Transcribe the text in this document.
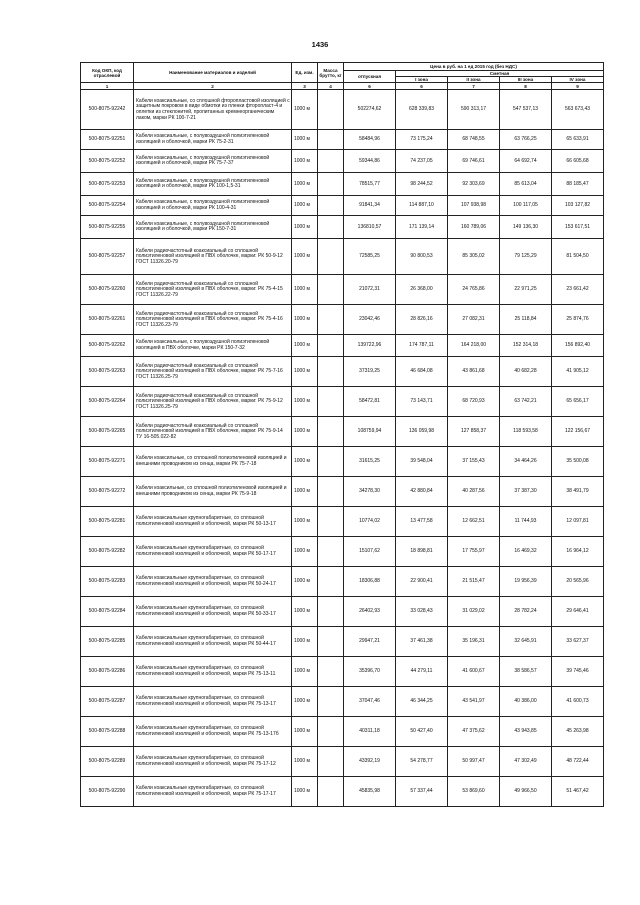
1436
Код ОКП, код отраслевой	Наименование материалов и изделий	Ед. изм.	Масса брутто, кг	Цена в руб. на 1 ед 2015 год (без НДС)				
				отпускная	Сметная			
					I зона	II зона	III зона	IV зона
1	2	3	4	6	6	7	8	9
500-8075-92242	Кабели коаксиальные, со сплошной фторопластовой изоляцией с защитным покровом в виде обмотки из пленки фторопласт-4 и оплетки из стеклонитей, пропитанных кремнеорганическим лаком, марки РК 100-7-21	1000 м		502274,62	628 339,83	590 313,17	547 537,13	563 673,43
500-8075-92251	Кабели коаксиальные, с полувоздушной полиэтиленовой изоляцией и оболочкой, марки РК 75-2-31	1000 м		58484,96	73 175,24	68 748,55	63 766,25	65 633,91
500-8075-92252	Кабели коаксиальные, с полувоздушной полиэтиленовой изоляцией и оболочкой, марки РК 75-7-37	1000 м		59344,86	74 237,05	69 746,61	64 692,74	66 605,68
500-8075-92253	Кабели коаксиальные, с полувоздушной полиэтиленовой изоляцией и оболочкой, марки РК 100-1,5-31	1000 м		78515,77	98 244,52	92 303,69	85 613,04	88 185,47
500-8075-92254	Кабели коаксиальные, с полувоздушной полиэтиленовой изоляцией и оболочкой, марки РК 100-4-31	1000 м		91841,34	114 887,10	107 938,98	100 117,05	103 127,82
500-8075-92255	Кабели коаксиальные, с полувоздушной полиэтиленовой изоляцией и оболочкой, марки РК 150-7-31	1000 м		136810,57	171 139,14	160 789,06	149 136,30	153 617,51
500-8075-92257	Кабели радиочастотный коаксиальный со сплошной полиэтиленовой изоляцией в ПВХ оболочке, марки: РК 50-9-12 ГОСТ 11326.20-79	1000 м		72585,25	90 800,53	85 305,02	79 125,29	81 504,50
500-8075-92260	Кабели радиочастотный коаксиальный со сплошной полиэтиленовой изоляцией в ПВХ оболочке, марки: РК 75-4-15 ГОСТ 11326.22-79	1000 м		21072,31	26 368,00	24 765,86	22 971,25	23 661,42
500-8075-92261	Кабели радиочастотный коаксиальный со сплошной полиэтиленовой изоляцией в ПВХ оболочке, марки: РК 75-4-16 ГОСТ 11326.23-79	1000 м		23042,46	28 826,16	27 082,31	25 118,84	25 874,76
500-8075-92262	Кабели коаксиальные, с полувоздушной полиэтиленовой изоляцией в ПВХ оболочке, марки РК 150-7-32	1000 м		139722,96	174 787,11	164 218,00	152 314,18	156 892,40
500-8075-92263	Кабели радиочастотный коаксиальный со сплошной полиэтиленовой изоляцией в ПВХ оболочке, марки: РК 75-7-16 ГОСТ 11326.25-79	1000 м		37319,25	46 684,08	43 861,68	40 682,28	41 905,12
500-8075-92264	Кабели радиочастотный коаксиальный со сплошной полиэтиленовой изоляцией в ПВХ оболочке, марки: РК 75-9-12 ГОСТ 11326.25-79	1000 м		58472,81	73 143,71	68 720,93	63 742,21	65 656,17
500-8075-92265	Кабели радиочастотный коаксиальный со сплошной полиэтиленовой изоляцией в ПВХ оболочке, марки: РК 75-9-14 ТУ 16-505.022-82	1000 м		108759,94	136 059,98	127 858,37	118 593,58	122 156,67
500-8075-92271	Кабели коаксильные, со сплошной полиэтиленовой изоляцией и внешними проводником из сенца, марки РК 75-7-18	1000 м		31615,25	39 548,04	37 155,43	34 464,26	35 500,08
500-8075-92272	Кабели коаксильные, со сплошной полиэтиленовой изоляцией и внешними проводником из сенца, марки РК 75-9-18	1000 м		34278,30	42 880,84	40 287,56	37 387,30	38 491,79
500-8075-92281	Кабели коаксиальные крупногабаритные, со сплошной полиэтиленовой изоляцией и оболочкой, марки РК 50-13-17	1000 м		10774,02	13 477,58	12 662,51	11 744,93	12 097,81
500-8075-92282	Кабели коаксиальные крупногабаритные, со сплошной полиэтиленовой изоляцией и оболочкой, марки РК 50-17-17	1000 м		15107,62	18 898,81	17 755,97	16 469,32	16 964,12
500-8075-92283	Кабели коаксиальные крупногабаритные, со сплошной полиэтиленовой изоляцией и оболочкой, марки РК 50-24-17	1000 м		18306,88	22 900,41	21 515,47	19 956,39	20 565,96
500-8075-92284	Кабели коаксиальные крупногабаритные, со сплошной полиэтиленовой изоляцией и оболочкой, марки РК 50-33-17	1000 м		26402,93	33 028,43	31 029,02	28 782,24	29 646,41
500-8075-92285	Кабели коаксиальные крупногабаритные, со сплошной полиэтиленовой изоляцией и оболочкой, марки РК 50-44-17	1000 м		29947,21	37 461,38	35 196,31	32 645,91	33 627,37
500-8075-92286	Кабели коаксиальные крупногабаритные, со сплошной полиэтиленовой изоляцией и оболочкой, марки РК 75-13-11	1000 м		35396,70	44 279,11	41 600,67	38 586,57	39 745,46
500-8075-92287	Кабели коаксиальные крупногабаритные, со сплошной полиэтиленовой изоляцией и оболочкой, марки РК 75-13-17	1000 м		37047,46	46 344,25	43 541,97	40 386,00	41 600,73
500-8075-92288	Кабели коаксиальные крупногабаритные, со сплошной полиэтиленовой изоляцией и оболочкой, марки РК 75-13-17б	1000 м		40311,18	50 427,40	47 375,62	43 943,85	45 263,98
500-8075-92289	Кабели коаксиальные крупногабаритные, со сплошной полиэтиленовой изоляцией и оболочкой, марки РК 75-17-12	1000 м		43392,19	54 278,77	50 997,47	47 302,49	48 722,44
500-8075-92290	Кабели коаксиальные крупногабаритные, со сплошной полиэтиленовой изоляцией и оболочкой, марки РК 75-17-17	1000 м		45835,98	57 337,44	53 869,60	49 966,50	51 467,42
